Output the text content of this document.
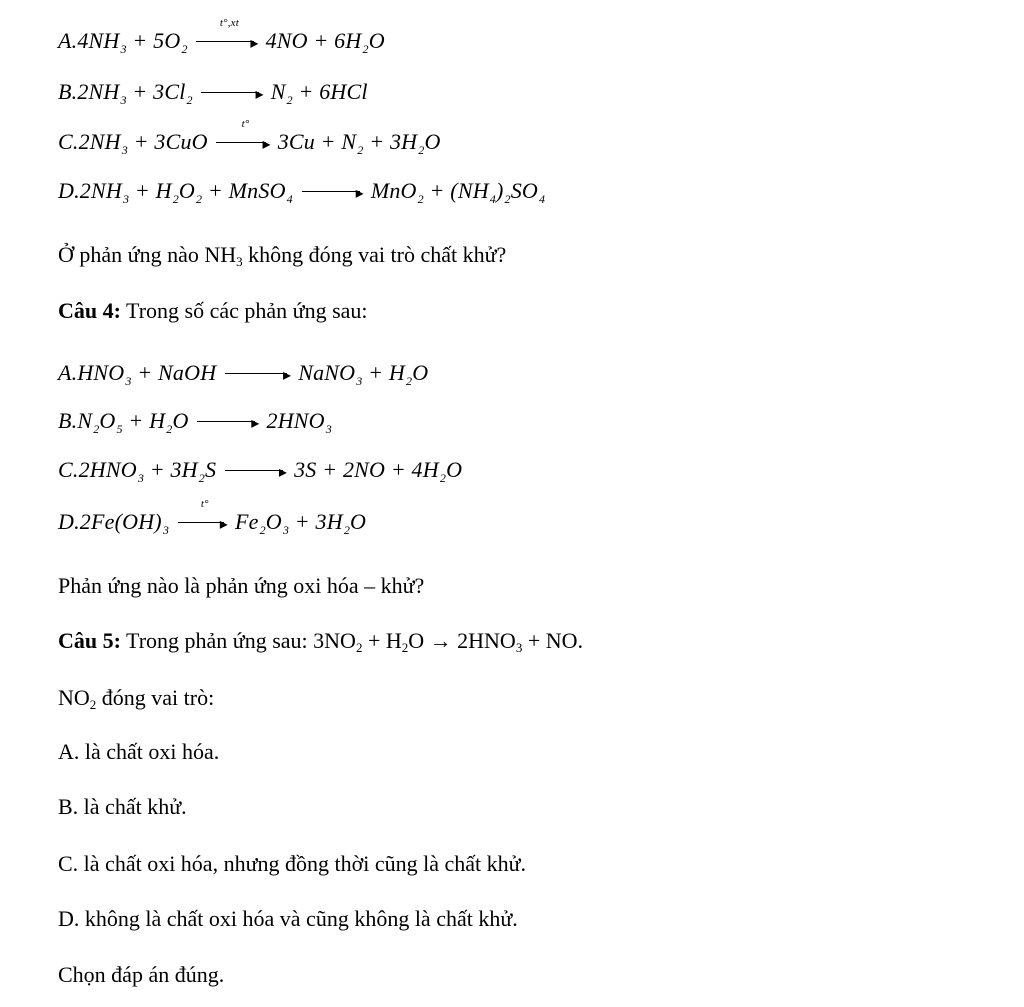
$A.4NH_3 + 5O_2$
t°,xt
▸ $4NO + 6H_2O$
$B.2NH_3 + 3Cl_2$	▸ $N_2 + 6HCl$
$C.2NH_3 + 3CuO$
t°
▸ $3Cu + N_2 + 3H_2O$
$D.2NH_3 + H_2O_2$ + MnSO$_4$	▸ $MnO_2 + (NH_4)_2SO_4$
Ở phản ứng nào $NH_3$ không đóng vai trò chất khử?
Câu 4: Trong số các phản ứng sau:
$A.HNO_3$ + NaOH	▸ NaNO$_3$ + $H_2O$
$B.N_2O_5 + H_2O$	▸ $2HNO_3$
$C.2HNO_3 + 3H_2S$	▸ $3S + 2NO + 4H_2O$
$D.2Fe(OH)_3$
t°
▸ $Fe_2O_3 + 3H_2O$
Phản ứng nào là phản ứng oxi hóa – khử?
Câu 5: Trong phản ứng sau: $3NO_2 + H_2O \to 2HNO_3$ + NO.
$NO_2$ đóng vai trò:
A. là chất oxi hóa.
B. là chất khử.
C. là chất oxi hóa, nhưng đồng thời cũng là chất khử.
D. không là chất oxi hóa và cũng không là chất khử.
Chọn đáp án đúng.
